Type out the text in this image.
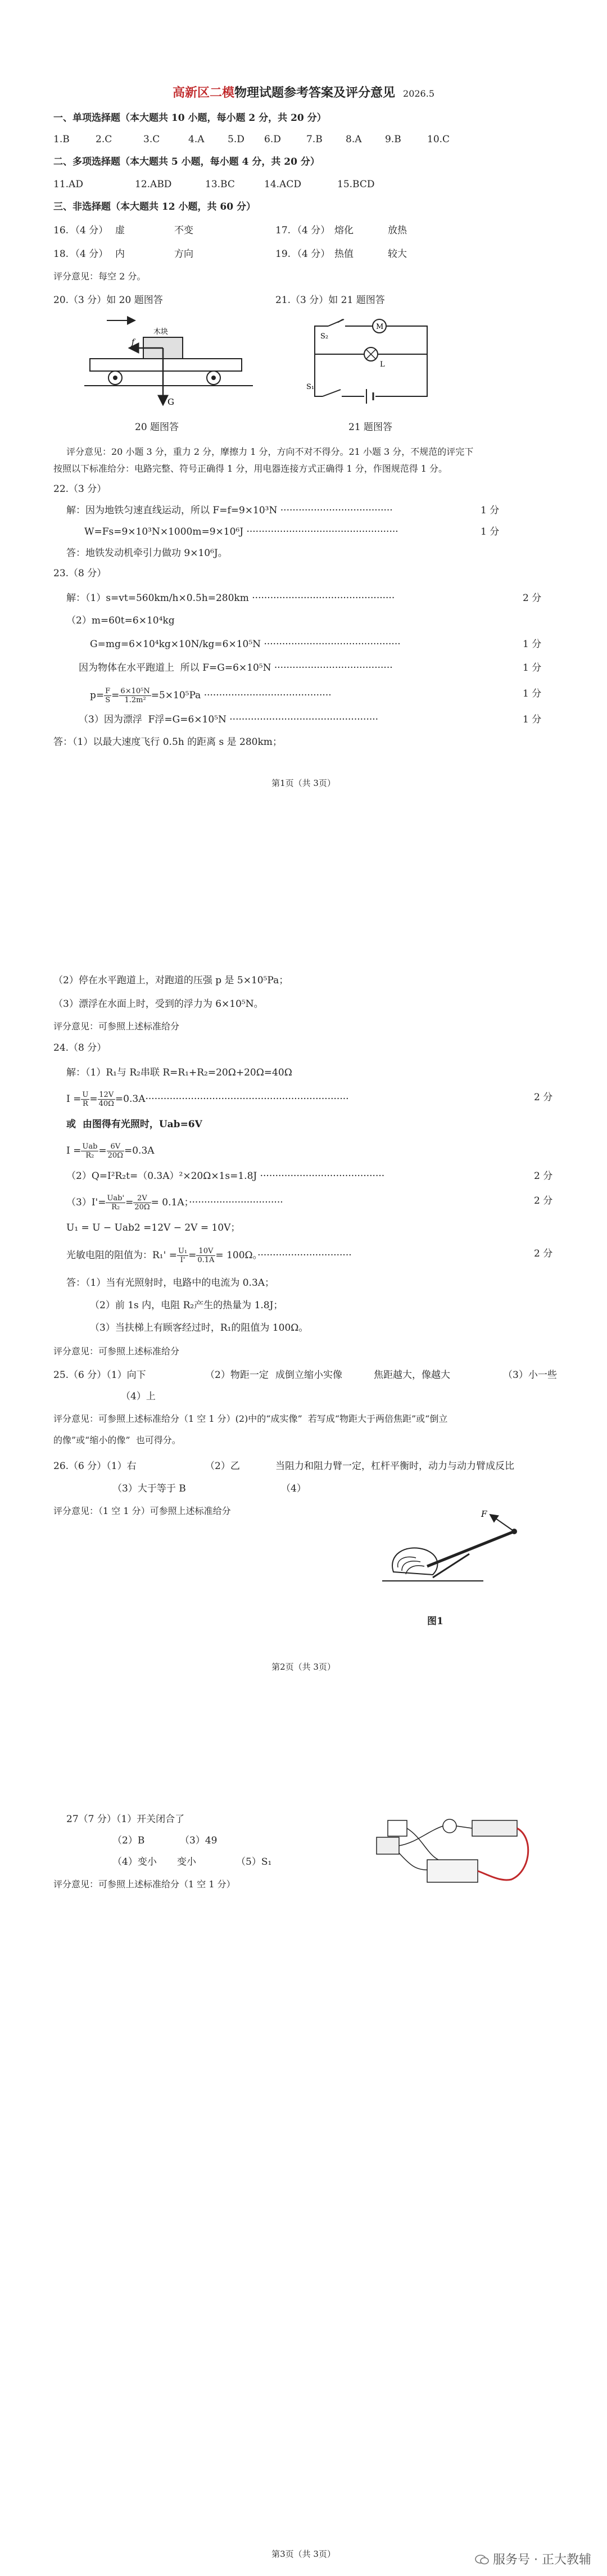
高新区二模物理试题参考答案及评分意见 2026.5
一、单项选择题（本大题共 10 小题，每小题 2 分，共 20 分）
1.B	2.C	3.C	4.A 5.D 6.D	7.B 8.A 9.B	10.C
二、多项选择题（本大题共 5 小题，每小题 4 分，共 20 分）
11.AD	12.ABD	13.BC	14.ACD	15.BCD
三、非选择题（本大题共 12 小题，共 60 分）
16. （4 分） 虚	不变	17. （4 分） 熔化	放热
18. （4 分） 内	方向	19. （4 分） 热值	较大
评分意见：每空 2 分。
20.（3 分）如 20 题图答	21.（3 分）如 21 题图答
木块
f
G
20 题图答
S₂
M
L
S₁
21 题图答
评分意见：20 小题 3 分，重力 2 分，摩擦力 1 分，方向不对不得分。21 小题 3 分，不规范的评完下
按照以下标准给分：电路完整、符号正确得 1 分，用电器连接方式正确得 1 分，作图规范得 1 分。
22.（3 分）
解：因为地铁匀速直线运动，所以 F=f=9×10³N ·····································	1 分
W=Fs=9×10³N×1000m=9×10⁶J ··················································	1 分
答：地铁发动机牵引力做功 9×10⁶J。
23.（8 分）
解：（1）s=vt=560km/h×0.5h=280km ···············································	2 分
（2）m=60t=6×10⁴kg
G=mg=6×10⁴kg×10N/kg=6×10⁵N ·············································	1 分
因为物体在水平跑道上  所以 F=G=6×10⁵N ·······································	1 分
$p= \frac{F}{S} = \frac{\text{6×10⁵N}}{\text{1.2m²}} =5\times 10^5Pa$ ··········································	1 分
（3）因为漂浮  F浮=G=6×10⁵N ·················································	1 分
答：（1）以最大速度飞行 0.5h 的距离 s 是 280km；
第1页（共 3页）
（2）停在水平跑道上，对跑道的压强 p 是 5×10⁵Pa；
（3）漂浮在水面上时，受到的浮力为 6×10⁵N。
评分意见：可参照上述标准给分
24.（8 分）
解：（1）R₁与 R₂串联 R=R₁+R₂=20Ω+20Ω=40Ω
$I = \frac{U}{R} = \frac{12V}{40\Omega} =0.3A\cdot\cdot\cdot\cdot\cdot\cdot\cdot\cdot\cdot\cdot\cdot\cdot\cdot\cdot\cdot\cdot\cdot\cdot\cdot\cdot\cdot\cdot\cdot\cdot\cdot\cdot\cdot\cdot\cdot\cdot\cdot\cdot\cdot\cdot\cdot\cdot\cdot\cdot\cdot\cdot\cdot\cdot\cdot\cdot\cdot\cdot\cdot\cdot\cdot\cdot\cdot\cdot\cdot\cdot\cdot\cdot\cdot\cdot\cdot\cdot\cdot\cdot\cdot\cdot\cdot\cdot\cdot$	2 分
或  由图得有光照时，Uab=6V
$I = \frac{\text{Uab}}{\text{R₂}} = \frac{6V}{20\Omega} =0.3A$
（2）Q=I²R₂t=（0.3A）²×20Ω×1s=1.8J ·········································	2 分
$(3)I'= \frac{\text{Uab'}}{\text{R₂}} = \frac{2V}{20\Omega} = 0.1A$；·······························	2 分
U₁ = U − Uab2 =12V − 2V = 10V；
光敏电阻的阻值为：$R_1' = \frac{\text{U₁}}{I'} = \frac{10V}{0.1A} = 100\Omega$。·······························	2 分
答：（1）当有光照射时，电路中的电流为 0.3A；
（2）前 1s 内，电阻 R₂产生的热量为 1.8J；
（3）当扶梯上有顾客经过时，R₁的阻值为 100Ω。
评分意见：可参照上述标准给分
25.（6 分）（1）向下	（2）物距一定 成倒立缩小实像	焦距越大，像越大	（3）小一些
（4）上
评分意见：可参照上述标准给分（1 空 1 分）(2)中的“成实像”  若写成“物距大于两倍焦距”或“倒立
的像”或“缩小的像”  也可得分。
26.（6 分）（1）右	（2）乙	当阻力和阻力臂一定，杠杆平衡时，动力与动力臂成反比
（3）大于等于 B	（4）
评分意见：（1 空 1 分）可参照上述标准给分	F
图1
第2页（共 3页）
27（7 分）（1）开关闭合了
（2）B	（3）49
（4）变小 变小	（5）S₁
评分意见：可参照上述标准给分（1 空 1 分）
第3页（共 3页）	服务号 · 正大教辅
